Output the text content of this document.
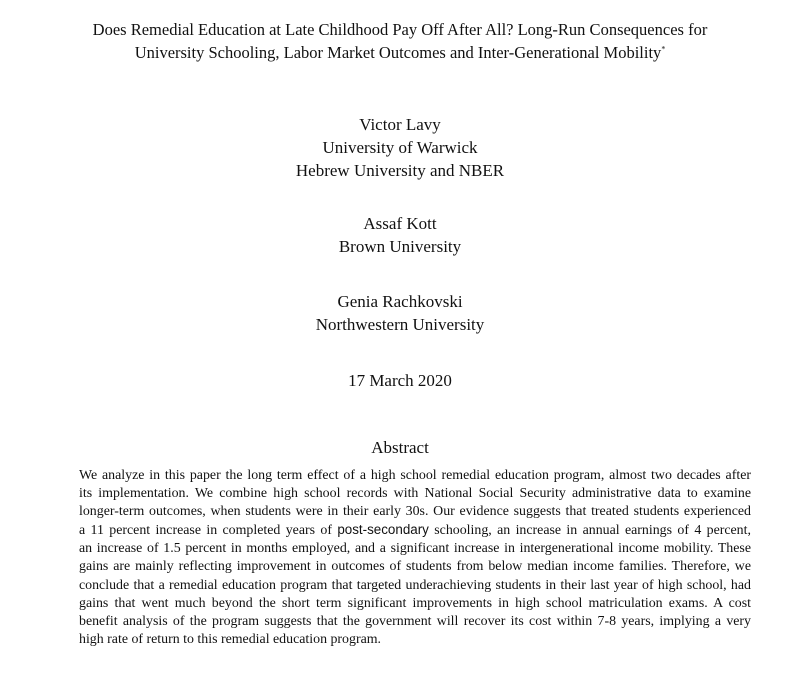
Does Remedial Education at Late Childhood Pay Off After All? Long-Run Consequences for
University Schooling, Labor Market Outcomes and Inter-Generational Mobility*
Victor Lavy
University of Warwick
Hebrew University and NBER
Assaf Kott
Brown University
Genia Rachkovski
Northwestern University
17 March 2020
Abstract
We analyze in this paper the long term effect of a high school remedial education program, almost two decades after
its implementation. We combine high school records with National Social Security administrative data to examine
longer-term outcomes, when students were in their early 30s. Our evidence suggests that treated students experienced
a 11 percent increase in completed years of post-secondary schooling, an increase in annual earnings of 4 percent,
an increase of 1.5 percent in months employed, and a significant increase in intergenerational income mobility. These
gains are mainly reflecting improvement in outcomes of students from below median income families. Therefore, we
conclude that a remedial education program that targeted underachieving students in their last year of high school, had
gains that went much beyond the short term significant improvements in high school matriculation exams. A cost
benefit analysis of the program suggests that the government will recover its cost within 7-8 years, implying a very
high rate of return to this remedial education program.
